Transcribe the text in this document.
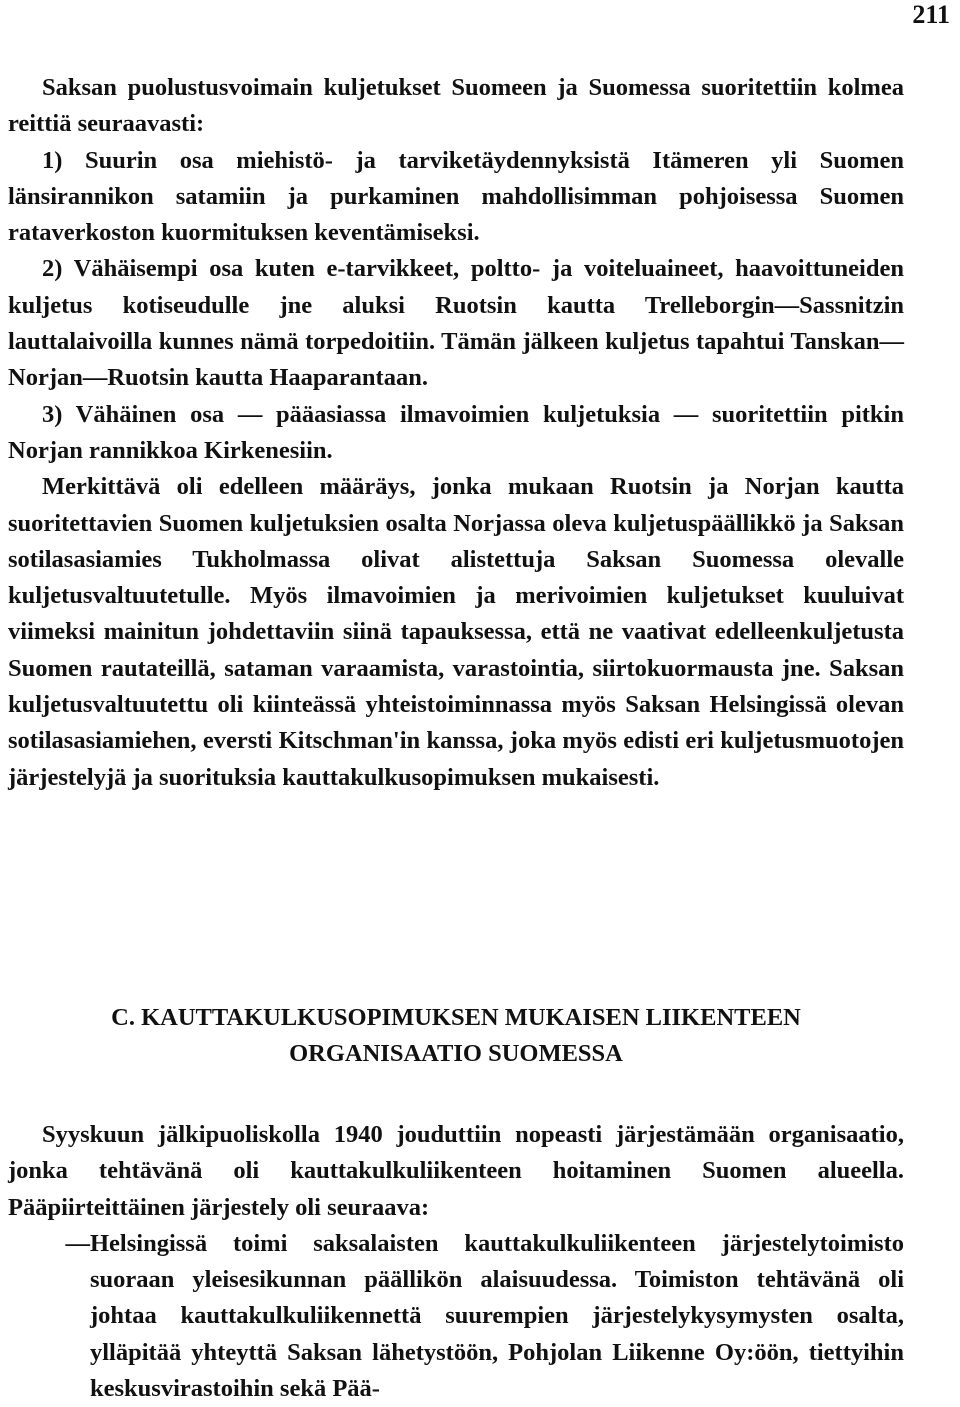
211

Saksan puolustusvoimain kuljetukset Suomeen ja Suomessa suoritettiin kolmea reittiä seuraavasti:

1) Suurin osa miehistö- ja tarviketäydennyksistä Itämeren yli Suomen länsirannikon satamiin ja purkaminen mahdollisimman pohjoisessa Suomen rataverkoston kuormituksen keventämiseksi.

2) Vähäisempi osa kuten e-tarvikkeet, poltto- ja voiteluaineet, haavoittuneiden kuljetus kotiseudulle jne aluksi Ruotsin kautta Trelleborgin—Sassnitzin lauttalaivoilla kunnes nämä torpedoitiin. Tämän jälkeen kuljetus tapahtui Tanskan—Norjan—Ruotsin kautta Haaparantaan.

3) Vähäinen osa — pääasiassa ilmavoimien kuljetuksia — suoritettiin pitkin Norjan rannikkoa Kirkenesiin.

Merkittävä oli edelleen määräys, jonka mukaan Ruotsin ja Norjan kautta suoritettavien Suomen kuljetuksien osalta Norjassa oleva kuljetuspäällikkö ja Saksan sotilasasiamies Tukholmassa olivat alistettuja Saksan Suomessa olevalle kuljetusvaltuutetulle. Myös ilmavoimien ja merivoimien kuljetukset kuuluivat viimeksi mainitun johdettaviin siinä tapauksessa, että ne vaativat edelleenkuljetusta Suomen rautateillä, sataman varaamista, varastointia, siirtokuormausta jne. Saksan kuljetusvaltuutettu oli kiinteässä yhteistoiminnassa myös Saksan Helsingissä olevan sotilasasiamiehen, eversti Kitschman'in kanssa, joka myös edisti eri kuljetusmuotojen järjestelyjä ja suorituksia kauttakulkusopimuksen mukaisesti.

C. KAUTTAKULKUSOPIMUKSEN MUKAISEN LIIKENTEEN
ORGANISAATIO SUOMESSA

Syyskuun jälkipuoliskolla 1940 jouduttiin nopeasti järjestämään organisaatio, jonka tehtävänä oli kauttakulkuliikenteen hoitaminen Suomen alueella. Pääpiirteittäinen järjestely oli seuraava:

— Helsingissä toimi saksalaisten kauttakulkuliikenteen järjestelytoimisto suoraan yleisesikunnan päällikön alaisuudessa. Toimiston tehtävänä oli johtaa kauttakulkuliikennettä suurempien järjestelykysymysten osalta, ylläpitää yhteyttä Saksan lähetystöön, Pohjolan Liikenne Oy:öön, tiettyihin keskusvirastoihin sekä Pää-
